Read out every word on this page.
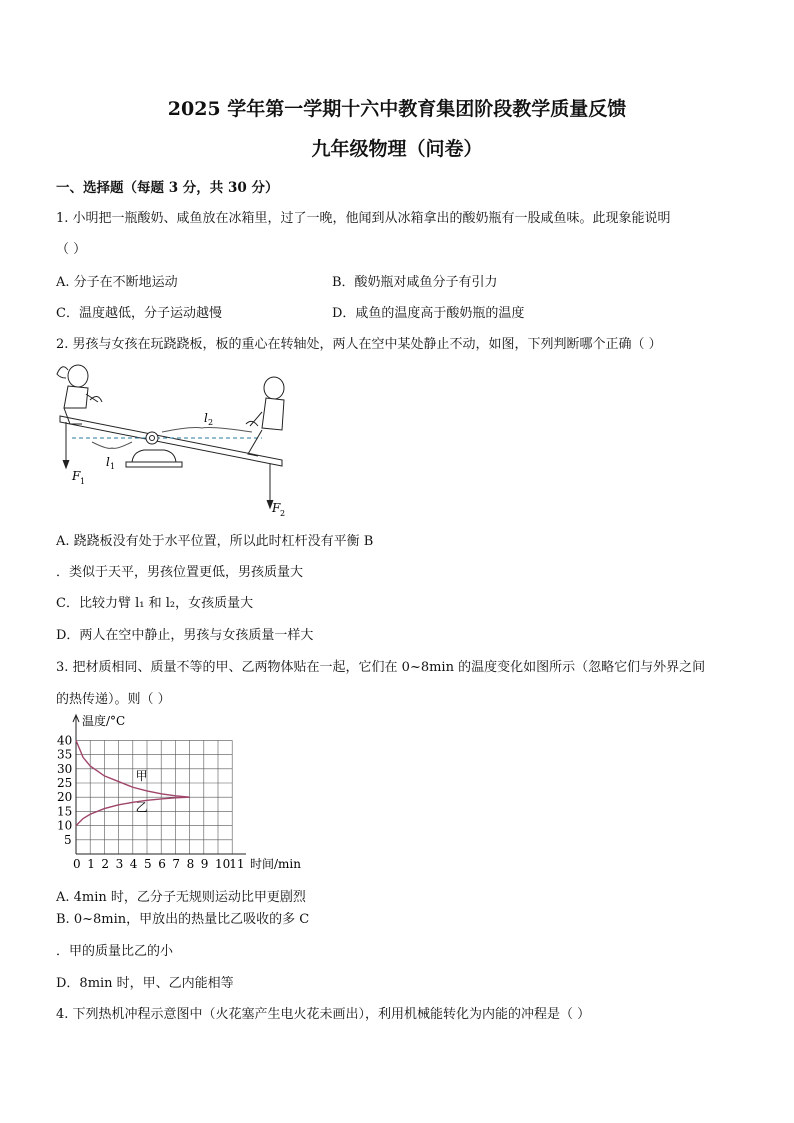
2025 学年第一学期十六中教育集团阶段教学质量反馈
九年级物理（问卷）
一、选择题（每题 3 分，共 30 分）
1. 小明把一瓶酸奶、咸鱼放在冰箱里，过了一晚，他闻到从冰箱拿出的酸奶瓶有一股咸鱼味。此现象能说明
（ ）
A. 分子在不断地运动	B．酸奶瓶对咸鱼分子有引力
C．温度越低，分子运动越慢	D．咸鱼的温度高于酸奶瓶的温度
2. 男孩与女孩在玩跷跷板，板的重心在转轴处，两人在空中某处静止不动，如图，下列判断哪个正确（ ）
l 1
l 2
F 1
F 2
A. 跷跷板没有处于水平位置，所以此时杠杆没有平衡 B
．类似于天平，男孩位置更低，男孩质量大
C．比较力臂 l₁ 和 l₂，女孩质量大
D．两人在空中静止，男孩与女孩质量一样大
3. 把材质相同、质量不等的甲、乙两物体贴在一起，它们在 0~8min 的温度变化如图所示（忽略它们与外界之间
的热传递）。则（ ）
温度/°C
时间/min
0 1 2 3 4 5 6 7 8 9 10
11
5
10
15
20
25
30
35
40
甲
乙
A. 4min 时，乙分子无规则运动比甲更剧烈
B. 0~8min，甲放出的热量比乙吸收的多 C
．甲的质量比乙的小
D．8min 时，甲、乙内能相等
4. 下列热机冲程示意图中（火花塞产生电火花未画出），利用机械能转化为内能的冲程是（ ）
